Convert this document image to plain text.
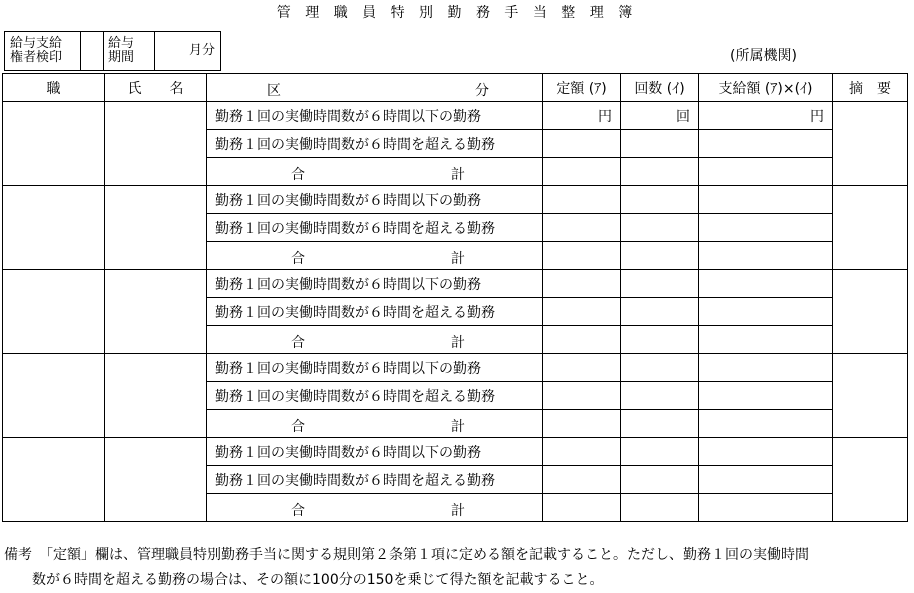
管 理 職 員 特 別 勤 務 手 当 整 理 簿
給与支給
権者検印

給与
期間	月分	(所属機関)
職	氏　　名	区 分	定額 (ｱ)	回数 (ｲ)	支給額 (ｱ)×(ｲ)	摘　要
		勤務１回の実働時間数が６時間以下の勤務	円	回	円	
		勤務１回の実働時間数が６時間を超える勤務				

		合 計				

		勤務１回の実働時間数が６時間以下の勤務				
		勤務１回の実働時間数が６時間を超える勤務				

		合 計				

		勤務１回の実働時間数が６時間以下の勤務				
		勤務１回の実働時間数が６時間を超える勤務				

		合 計				

		勤務１回の実働時間数が６時間以下の勤務				
		勤務１回の実働時間数が６時間を超える勤務				

		合 計				

		勤務１回の実働時間数が６時間以下の勤務				
		勤務１回の実働時間数が６時間を超える勤務				

		合 計				

備考　「定額」欄は、管理職員特別勤務手当に関する規則第２条第１項に定める額を記載すること。ただし、勤務１回の実働時間
数が６時間を超える勤務の場合は、その額に100分の150を乗じて得た額を記載すること。
